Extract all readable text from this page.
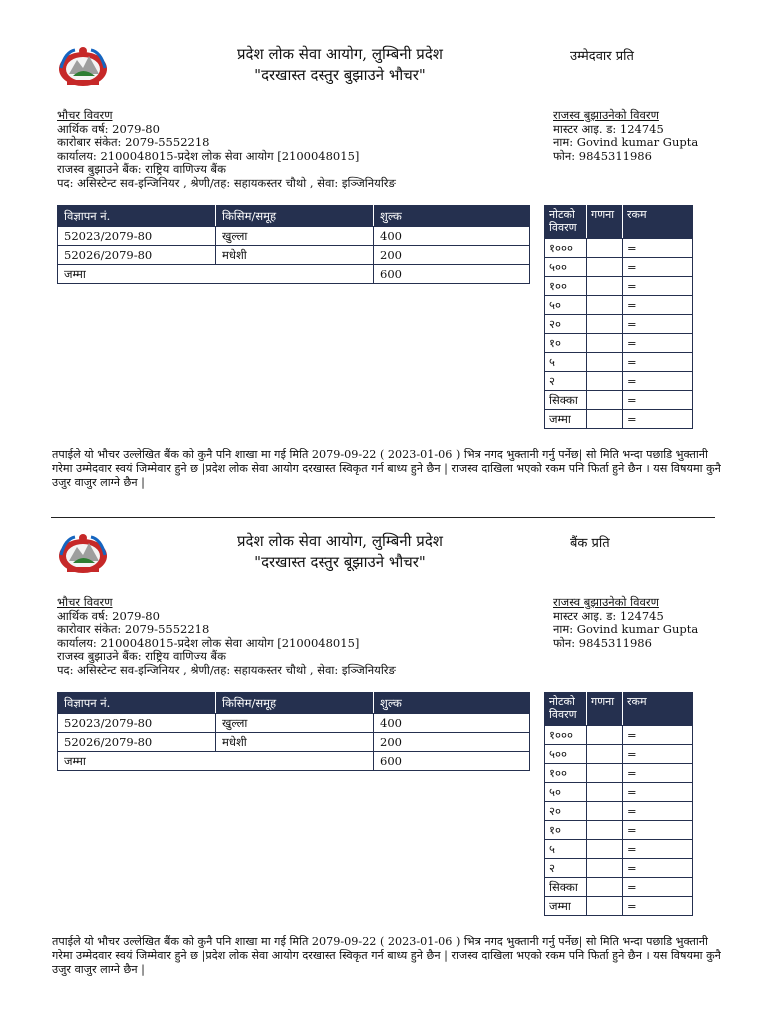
प्रदेश लोक सेवा आयोग, लुम्बिनी प्रदेश
"दरखास्त दस्तुर बुझाउने भौचर"
उम्मेदवार प्रति
भौचर विवरण
आर्थिक वर्ष: 2079-80
कारोबार संकेत: 2079-5552218
कार्यालय: 2100048015-प्रदेश लोक सेवा आयोग [2100048015]
राजस्व बुझाउने बैंक: राष्ट्रिय वाणिज्य बैंक
पद: असिस्टेन्ट सव-इन्जिनियर , श्रेणी/तह: सहायकस्तर चौथो , सेवा: इञ्जिनियरिङ
राजस्व बुझाउनेको विवरण
मास्टर आइ. ड: 124745
नाम: Govind kumar Gupta
फोन: 9845311986
विज्ञापन नं.	किसिम/समूह	शुल्क
52023/2079-80	खुल्ला	400
52026/2079-80	मधेशी	200
जम्मा		600
नोटको विवरण	गणना	रकम
१०००		=
५००		=
१००		=
५०		=
२०		=
१०		=
५		=
२		=
सिक्का		=
जम्मा		=
तपाईले यो भौचर उल्लेखित बैंक को कुनै पनि शाखा मा गई मिति 2079-09-22 ( 2023-01-06 ) भित्र नगद भुक्तानी गर्नु पर्नेछ| सो मिति भन्दा पछाडि भुक्तानी गरेमा उम्मेदवार स्वयं जिम्मेवार हुने छ |प्रदेश लोक सेवा आयोग दरखास्त स्विकृत गर्न बाध्य हुने छैन | राजस्व दाखिला भएको रकम पनि फिर्ता हुने छैन । यस विषयमा कुनै उजुर वाजुर लाग्ने छैन |
प्रदेश लोक सेवा आयोग, लुम्बिनी प्रदेश
"दरखास्त दस्तुर बूझाउने भौचर"
बैंक प्रति
भौचर विवरण
आर्थिक वर्ष: 2079-80
कारोवार संकेत: 2079-5552218
कार्यालय: 2100048015-प्रदेश लोक सेवा आयोग [2100048015]
राजस्व बुझाउने बैंक: राष्ट्रिय वाणिज्य बैंक
पद: असिस्टेन्ट सव-इन्जिनियर , श्रेणी/तह: सहायकस्तर चौथो , सेवा: इञ्जिनियरिङ
राजस्व बुझाउनेको विवरण
मास्टर आइ. ड: 124745
नाम: Govind kumar Gupta
फोन: 9845311986
विज्ञापन नं.	किसिम/समूह	शुल्क
52023/2079-80	खुल्ला	400
52026/2079-80	मधेशी	200
जम्मा		600
नोटको विवरण	गणना	रकम
१०००		=
५००		=
१००		=
५०		=
२०		=
१०		=
५		=
२		=
सिक्का		=
जम्मा		=
तपाईले यो भौचर उल्लेखित बैंक को कुनै पनि शाखा मा गई मिति 2079-09-22 ( 2023-01-06 ) भित्र नगद भुक्तानी गर्नु पर्नेछ| सो मिति भन्दा पछाडि भुक्तानी गरेमा उम्मेदवार स्वयं जिम्मेवार हुने छ |प्रदेश लोक सेवा आयोग दरखास्त स्विकृत गर्न बाध्य हुने छैन | राजस्व दाखिला भएको रकम पनि फिर्ता हुने छैन । यस विषयमा कुनै उजुर वाजुर लाग्ने छैन |
